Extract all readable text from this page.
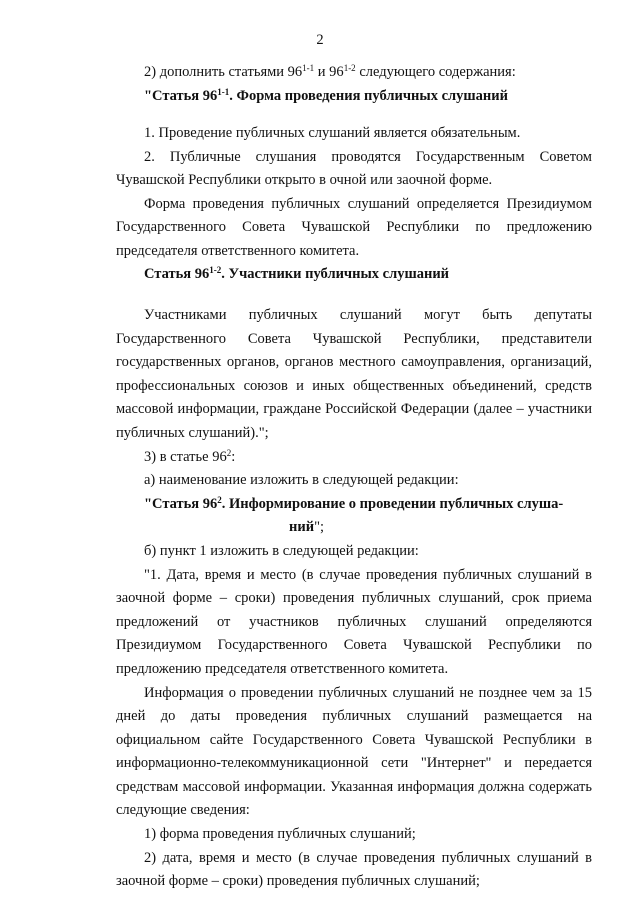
2

2) дополнить статьями 96$^{1-1}$ и 96$^{1-2}$ следующего содержания:

"Статья 96$^{1-1}$. Форма проведения публичных слушаний

1. Проведение публичных слушаний является обязательным.

2. Публичные слушания проводятся Государственным Советом Чувашской Республики открыто в очной или заочной форме.

Форма проведения публичных слушаний определяется Президиумом Государственного Совета Чувашской Республики по предложению председателя ответственного комитета.

Статья 96$^{1-2}$. Участники публичных слушаний

Участниками публичных слушаний могут быть депутаты Государственного Совета Чувашской Республики, представители государственных органов, органов местного самоуправления, организаций, профессиональных союзов и иных общественных объединений, средств массовой информации, граждане Российской Федерации (далее – участники публичных слушаний).";

3) в статье $96^2$:

а) наименование изложить в следующей редакции:

"Статья $96^2$. Информирование о проведении публичных слуша-
ний";

б) пункт 1 изложить в следующей редакции:

"1. Дата, время и место (в случае проведения публичных слушаний в заочной форме – сроки) проведения публичных слушаний, срок приема предложений от участников публичных слушаний определяются Президиумом Государственного Совета Чувашской Республики по предложению председателя ответственного комитета.

Информация о проведении публичных слушаний не позднее чем за 15 дней до даты проведения публичных слушаний размещается на официальном сайте Государственного Совета Чувашской Республики в информационно-телекоммуникационной сети "Интернет" и передается средствам массовой информации. Указанная информация должна содержать следующие сведения:

1) форма проведения публичных слушаний;

2) дата, время и место (в случае проведения публичных слушаний в заочной форме – сроки) проведения публичных слушаний;
